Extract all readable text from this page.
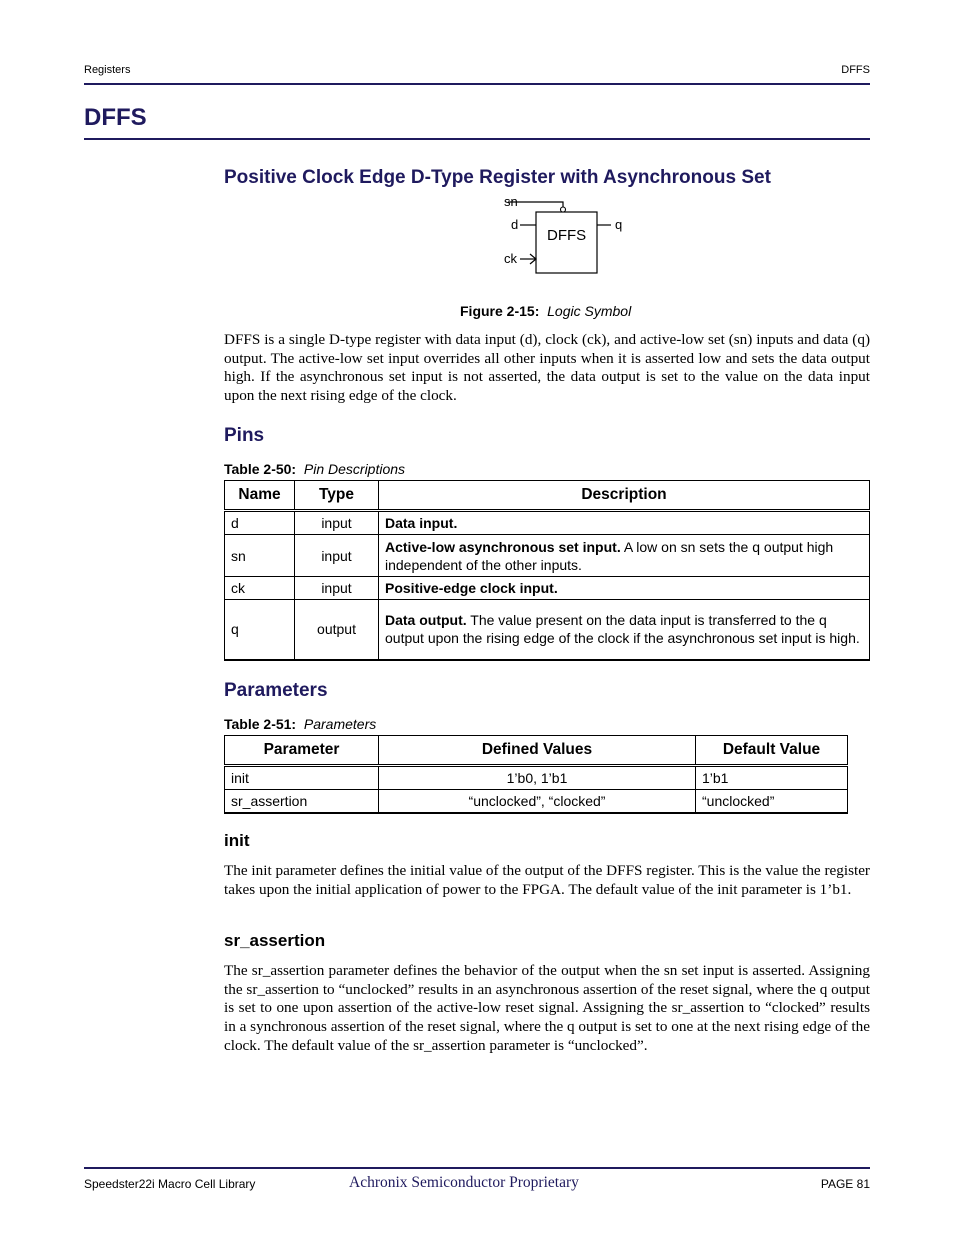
Registers	DFFS
DFFS
Positive Clock Edge D-Type Register with Asynchronous Set
DFFS
sn
d
ck
q
Figure 2-15: Logic Symbol
DFFS is a single D-type register with data input (d), clock (ck), and active-low set (sn) inputs and data (q) output. The active-low set input overrides all other inputs when it is asserted low and sets the data output high. If the asynchronous set input is not asserted, the data output is set to the value on the data input upon the next rising edge of the clock.
Pins
Table 2-50: Pin Descriptions
Name	Type	Description
d	input	Data input.
sn	input	Active-low asynchronous set input. A low on sn sets the q output high independent of the other inputs.
ck	input	Positive-edge clock input.
q	output	Data output. The value present on the data input is transferred to the q output upon the rising edge of the clock if the asynchronous set input is high.
Parameters
Table 2-51: Parameters
Parameter	Defined Values	Default Value
init	1’b0, 1’b1	1’b1
sr_assertion	“unclocked”, “clocked”	“unclocked”
init
The init parameter defines the initial value of the output of the DFFS register. This is the value the register takes upon the initial application of power to the FPGA. The default value of the init parameter is 1’b1.
sr_assertion
The sr_assertion parameter defines the behavior of the output when the sn set input is asserted. Assigning the sr_assertion to “unclocked” results in an asynchronous assertion of the reset signal, where the q output is set to one upon assertion of the active-low reset signal. Assigning the sr_assertion to “clocked” results in a synchronous assertion of the reset signal, where the q output is set to one at the next rising edge of the clock. The default value of the sr_assertion parameter is “unclocked”.
Speedster22i Macro Cell Library	Achronix Semiconductor Proprietary	PAGE 81
